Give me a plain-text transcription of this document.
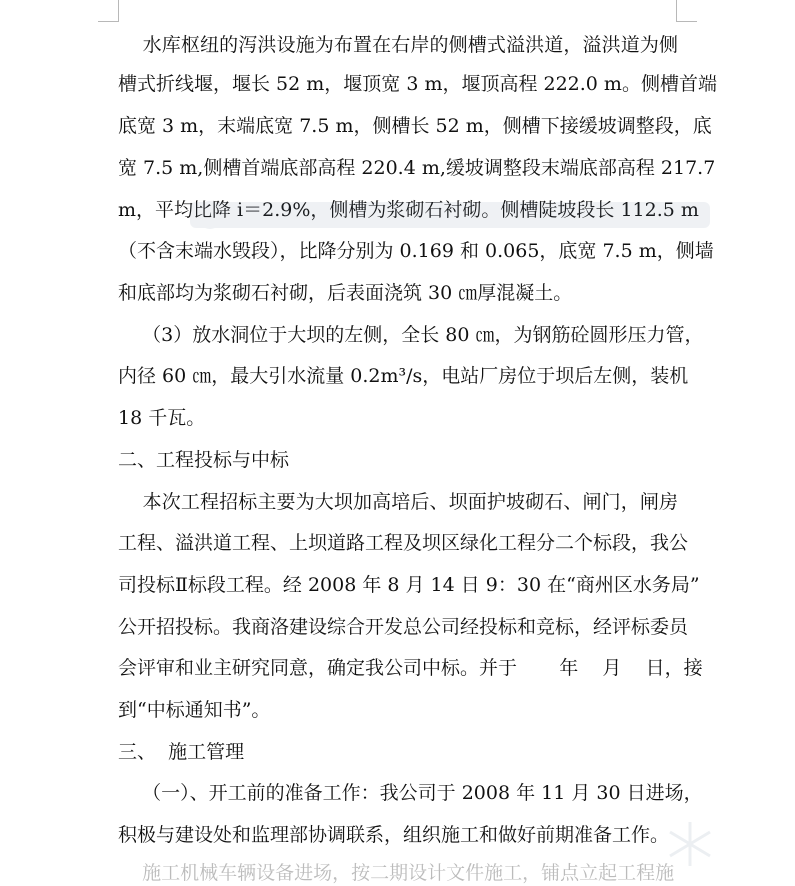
水库枢纽的泻洪设施为布置在右岸的侧槽式溢洪道，溢洪道为侧
槽式折线堰，堰长 52 m，堰顶宽 3 m，堰顶高程 222.0 m。侧槽首端
底宽 3 m，末端底宽 7.5 m，侧槽长 52 m，侧槽下接缓坡调整段，底
宽 7.5 m,侧槽首端底部高程 220.4 m,缓坡调整段末端底部高程 217.7
m，平均比降 i＝2.9%，侧槽为浆砌石衬砌。侧槽陡坡段长 112.5 m
（不含末端水毁段），比降分别为 0.169 和 0.065，底宽 7.5 m，侧墙
和底部均为浆砌石衬砌，后表面浇筑 30 ㎝厚混凝土。
（3）放水洞位于大坝的左侧，全长 80 ㎝，为钢筋砼圆形压力管，
内径 60 ㎝，最大引水流量 0.2m³/s，电站厂房位于坝后左侧，装机
18 千瓦。
二、工程投标与中标
本次工程招标主要为大坝加高培后、坝面护坡砌石、闸门，闸房
工程、溢洪道工程、上坝道路工程及坝区绿化工程分二个标段，我公
司投标Ⅱ标段工程。经 2008 年 8 月 14 日 9：30 在“商州区水务局”
公开招投标。我商洛建设综合开发总公司经投标和竞标，经评标委员
会评审和业主研究同意，确定我公司中标。并于       年    月    日，接
到“中标通知书”。
三、  施工管理
（一）、开工前的准备工作：我公司于 2008 年 11 月 30 日进场，
积极与建设处和监理部协调联系，组织施工和做好前期准备工作。
施工机械车辆设备进场，按二期设计文件施工，铺点立起工程施
